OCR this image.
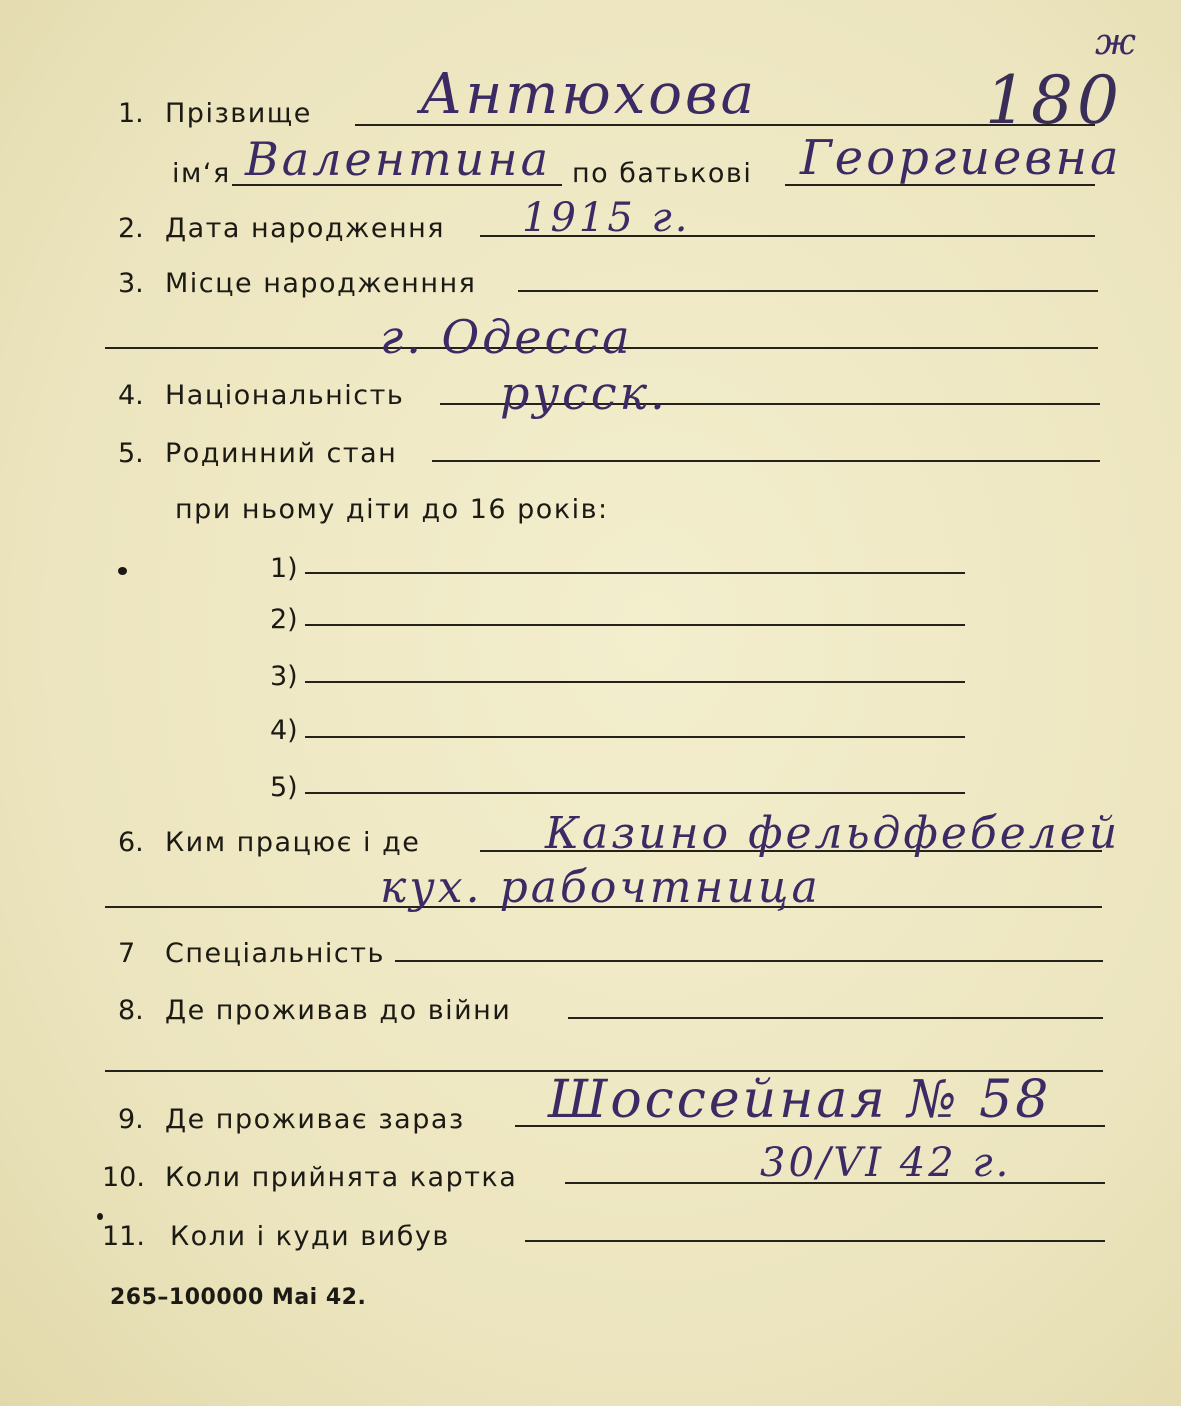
ж
180
1. Прізвище Антюхова
ім‘я Валентина по батькові Георгиевна
2. Дата народження 1915 г.
3. Місце народженння
г. Одесса
4. Національність русск.
5. Родинний стан
при ньому діти до 16 років:
1)
2)
3)
4)
5)
6. Ким працює і де	Казино фельдфебелей
кух. рабочтница
7 Спеціальність
8. Де проживав до війни
9. Де проживає зараз Шоссейная № 58
10. Коли прийнята картка	30/VI 42 г.
11. Коли і куди вибув
265–100000 Mai 42.
